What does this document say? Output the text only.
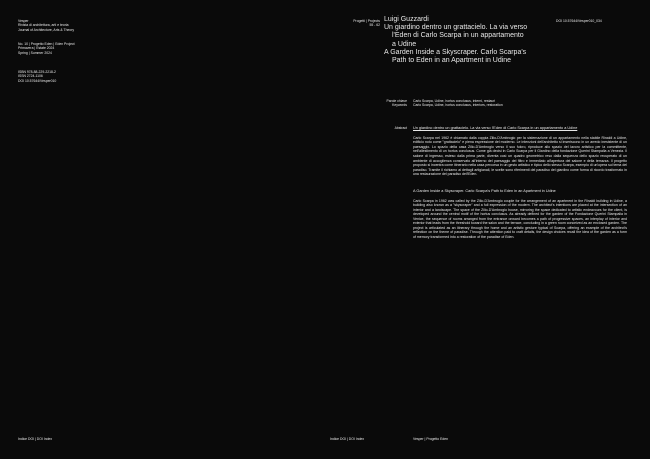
Vesper
Rivista di architettura, arti e teoria
Journal of Architecture, Arts & Theory
No. 10 | Progetto Eden | Eden Project
Primavera | Estate 2024
Spring | Summer 2024
ISBN 978-88-229-2218-2
ISSN 2724-1106
DOI 10.57644/Vesper010
Indice DOI | DOI Index
Progetti | Projects
55 - 62
Luigi Guzzardi
Un giardino dentro un grattacielo. La via verso
l'Eden di Carlo Scarpa in un appartamento
a Udine
A Garden Inside a Skyscraper. Carlo Scarpa's
Path to Eden in an Apartment in Udine
DOI 10.57644/Vesper010_034
Parole chiave
Keywords
Carlo Scarpa, Udine, hortus conclusus, interni, restauri
Carlo Scarpa, Udine, hortus conclusus, interiors, restoration
Abstract Un giardino dentro un grattacielo. La via verso l'Eden di Carlo Scarpa in un appartamento a Udine
Carlo Scarpa nel 1962 è chiamato dalla coppia Zilio-D'Ambrogio per la sistemazione di un appartamento nella stabile Rinaldi a Udine, edificio noto come "grattacielo" e piena espressione del moderno. Le intenzioni dell'architetto si inseriscono in un arredo inesistente di un paesaggio. Lo spazio della casa Zilio-D'Ambrogio verso il suo fulcro, riproduce allo spazio del lavoro artistico per la committente, nell'allestimento di un hortus conclusus. Come già decisi in Carlo Scarpa per il Giardino della fondazione Querini Stampalia a Venezia. Il salone di ingresso, esteso dalla prima parte, diventa così un quadro geometrico reso dalla sequenza dello spazio recuperato di un ambiente di accoglienza conservato all'interno del paesaggio del filtro e immediato all'apertura del salone e della terrazza. Il progetto proposto si incentra come itinerario nella casa percorsa in un gesto artistico e tipico dello stesso Scarpa, esempio di un'opera sul tema del paradiso. Tramite il richiamo ai dettagli artigianali, le scelte sono riferimenti del paradiso del giardino come forma di ricordo trasformato in una restaurazione del paradiso dell'Eden.
A Garden Inside a Skyscraper. Carlo Scarpa's Path to Eden in an Apartment in Udine
Carlo Scarpa in 1962 was called by the Zilio-D'Ambrogio couple for the arrangement of an apartment in the Rinaldi building in Udine, a building also known as a "skyscraper" and a full expression of the modern. The architect's intentions are placed at the intersection of an interior and a landscape. The space of the Zilio-D'Ambrogio house, mirroring the space dedicated to artistic endeavours for the client, is developed around the central motif of the hortus conclusus. As already defined for the garden of the Fondazione Querini Stampalia in Venice, the sequence of rooms arranged from the entrance onward becomes a path of progressive spaces, an interplay of interior and exterior that leads from the threshold toward the salon and the terrace, concluding in a green room conceived as an enclosed garden. The project is articulated as an itinerary through the home and an artistic gesture typical of Scarpa, offering an example of the architect's reflection on the theme of paradise. Through the attention paid to craft details, the design choices recall the idea of the garden as a form of memory transformed into a restoration of the paradise of Eden.
Indice DOI | DOI Index	Vesper | Progetto Eden
